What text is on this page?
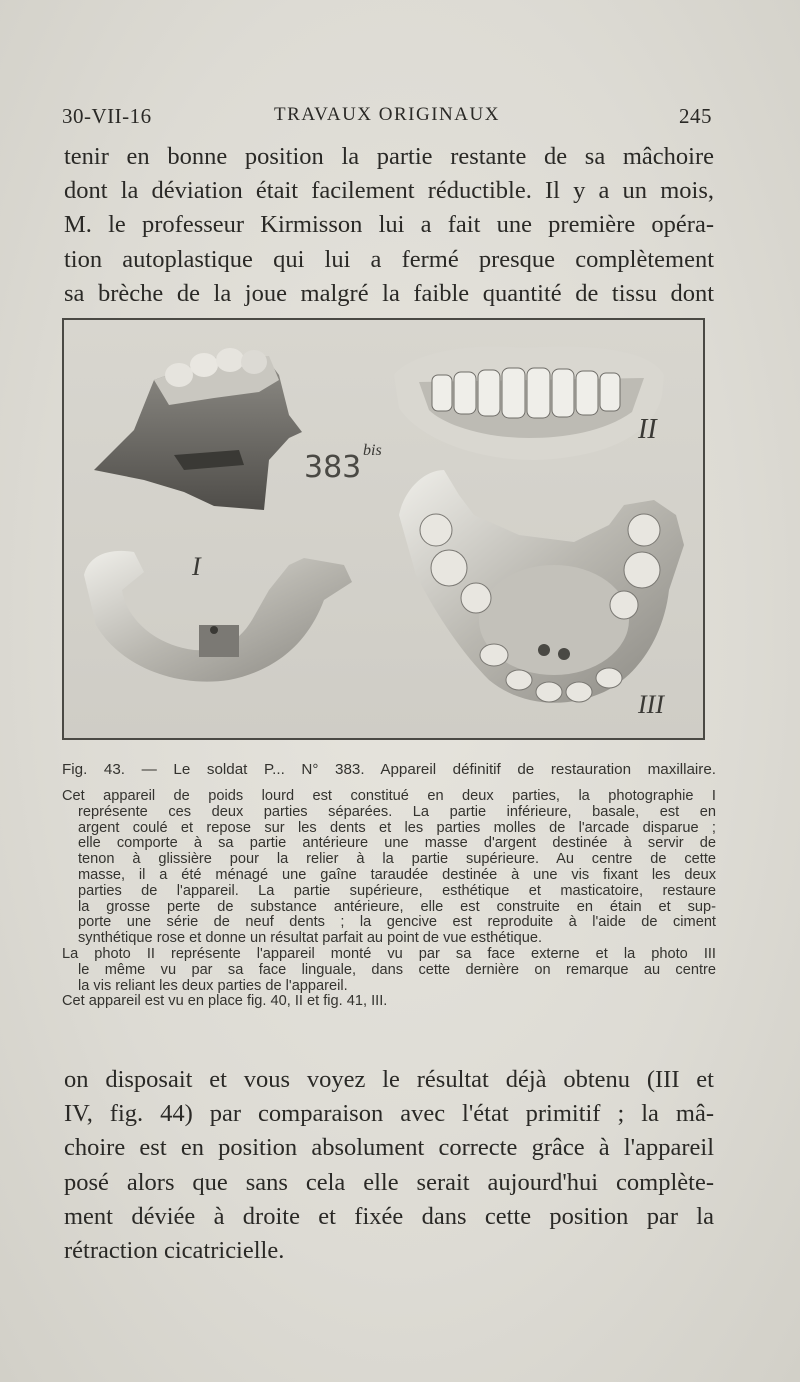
30-VII-16	TRAVAUX ORIGINAUX	245
tenir en bonne position la partie restante de sa mâchoire
dont la déviation était facilement réductible. Il y a un mois,
M. le professeur Kirmisson lui a fait une première opéra-
tion autoplastique qui lui a fermé presque complètement
sa brèche de la joue malgré la faible quantité de tissu dont
I
II
III
383 bis
Fig. 43. — Le soldat P... N° 383. Appareil définitif de restauration maxillaire.
Cet appareil de poids lourd est constitué en deux parties, la photographie I
représente ces deux parties séparées. La partie inférieure, basale, est en
argent coulé et repose sur les dents et les parties molles de l'arcade disparue ;
elle comporte à sa partie antérieure une masse d'argent destinée à servir de
tenon à glissière pour la relier à la partie supérieure. Au centre de cette
masse, il a été ménagé une gaîne taraudée destinée à une vis fixant les deux
parties de l'appareil. La partie supérieure, esthétique et masticatoire, restaure
la grosse perte de substance antérieure, elle est construite en étain et sup-
porte une série de neuf dents ; la gencive est reproduite à l'aide de ciment
synthétique rose et donne un résultat parfait au point de vue esthétique.
La photo II représente l'appareil monté vu par sa face externe et la photo III
le même vu par sa face linguale, dans cette dernière on remarque au centre
la vis reliant les deux parties de l'appareil.
Cet appareil est vu en place fig. 40, II et fig. 41, III.
on disposait et vous voyez le résultat déjà obtenu (III et
IV, fig. 44) par comparaison avec l'état primitif ; la mâ-
choire est en position absolument correcte grâce à l'appareil
posé alors que sans cela elle serait aujourd'hui complète-
ment déviée à droite et fixée dans cette position par la
rétraction cicatricielle.
